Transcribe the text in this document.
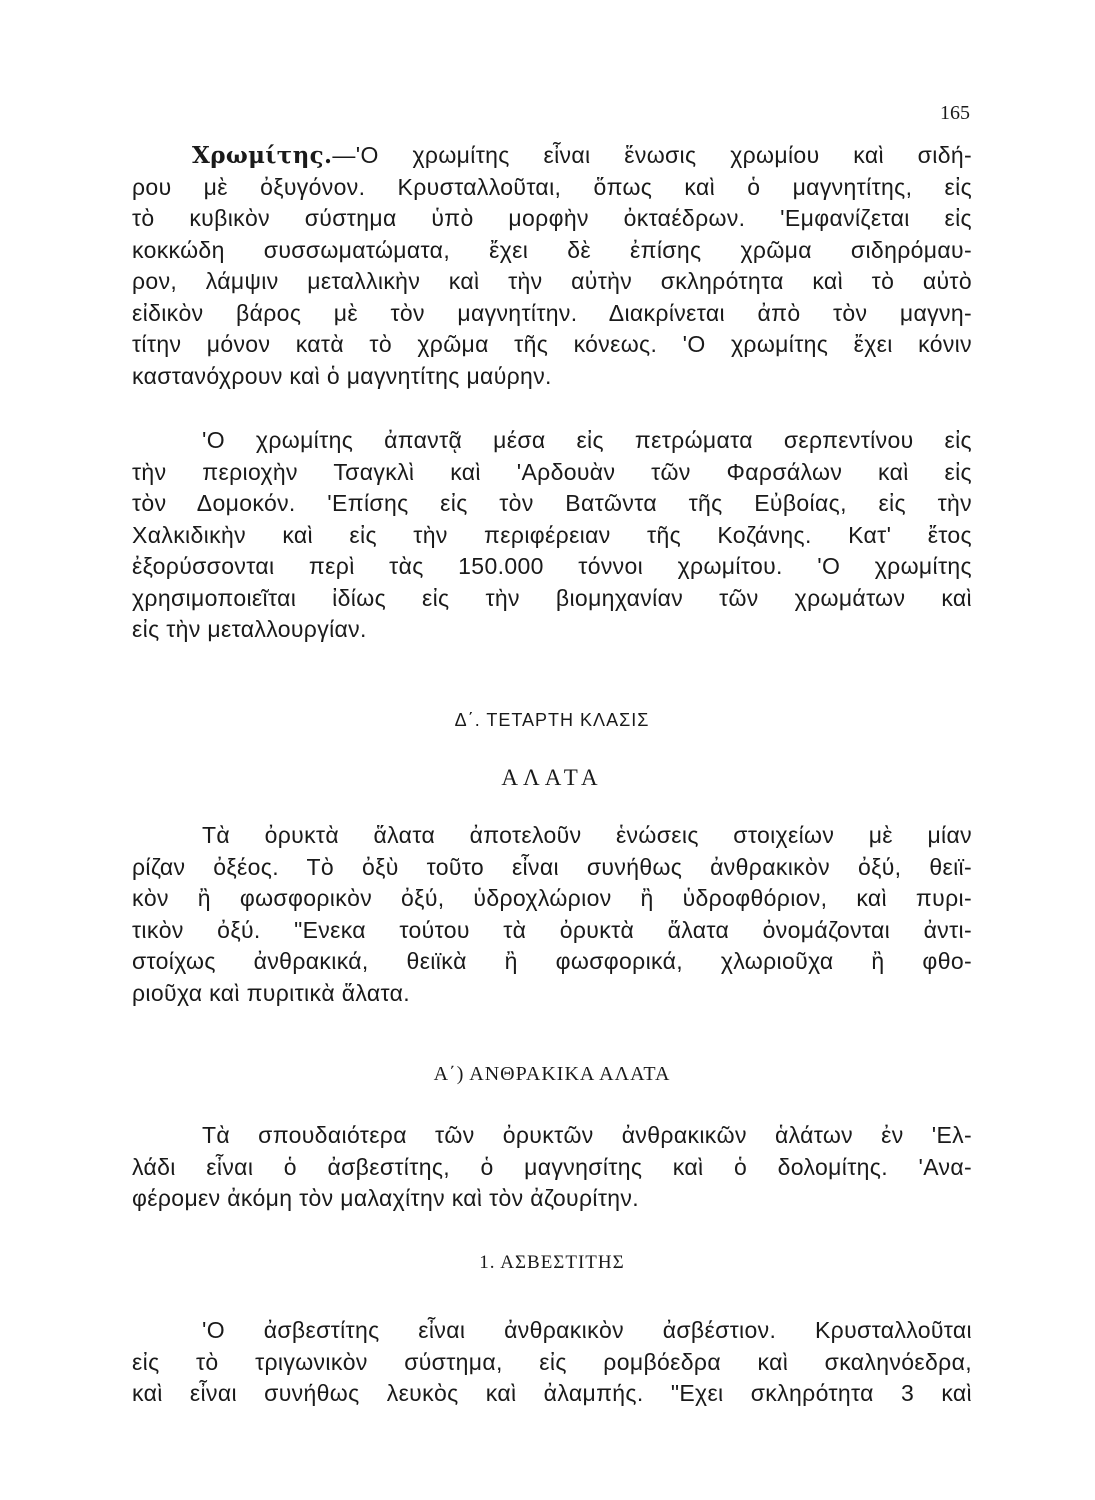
165
Χρωμίτης.—'Ο χρωμίτης εἶναι ἕνωσις χρωμίου καὶ σιδή-
ρου μὲ ὀξυγόνον. Κρυσταλλοῦται, ὅπως καὶ ὁ μαγνητίτης, εἰς
τὸ κυβικὸν σύστημα ὑπὸ μορφὴν ὀκταέδρων. 'Εμφανίζεται εἰς
κοκκώδη συσσωματώματα, ἔχει δὲ ἐπίσης χρῶμα σιδηρόμαυ-
ρον, λάμψιν μεταλλικὴν καὶ τὴν αὐτὴν σκληρότητα καὶ τὸ αὐτὸ
εἰδικὸν βάρος μὲ τὸν μαγνητίτην. Διακρίνεται ἀπὸ τὸν μαγνη-
τίτην μόνον κατὰ τὸ χρῶμα τῆς κόνεως. 'Ο χρωμίτης ἔχει κόνιν
καστανόχρουν καὶ ὁ μαγνητίτης μαύρην.
'Ο χρωμίτης ἀπαντᾷ μέσα εἰς πετρώματα σερπεντίνου εἰς
τὴν περιοχὴν Τσαγκλὶ καὶ 'Αρδουὰν τῶν Φαρσάλων καὶ εἰς
τὸν Δομοκόν. 'Επίσης εἰς τὸν Βατῶντα τῆς Εὐβοίας, εἰς τὴν
Χαλκιδικὴν καὶ εἰς τὴν περιφέρειαν τῆς Κοζάνης. Κατ' ἔτος
ἐξορύσσονται περὶ τὰς 150.000 τόννοι χρωμίτου. 'Ο χρωμίτης
χρησιμοποιεῖται ἰδίως εἰς τὴν βιομηχανίαν τῶν χρωμάτων καὶ
εἰς τὴν μεταλλουργίαν.
Δ΄. ΤΕΤΑΡΤΗ ΚΛΑΣΙΣ
ΑΛΑΤΑ
Τὰ ὀρυκτὰ ἅλατα ἀποτελοῦν ἑνώσεις στοιχείων μὲ μίαν
ρίζαν ὀξέος. Τὸ ὀξὺ τοῦτο εἶναι συνήθως ἀνθρακικὸν ὀξύ, θειϊ-
κὸν ἢ φωσφορικὸν ὀξύ, ὑδροχλώριον ἢ ὑδροφθόριον, καὶ πυρι-
τικὸν ὀξύ. "Ενεκα τούτου τὰ ὀρυκτὰ ἅλατα ὀνομάζονται ἀντι-
στοίχως ἀνθρακικά, θειϊκὰ ἢ φωσφορικά, χλωριοῦχα ἢ φθο-
ριοῦχα καὶ πυριτικὰ ἅλατα.
Α΄) ΑΝΘΡΑΚΙΚΑ ΑΛΑΤΑ
Τὰ σπουδαιότερα τῶν ὀρυκτῶν ἀνθρακικῶν ἁλάτων ἐν 'Ελ-
λάδι εἶναι ὁ ἀσβεστίτης, ὁ μαγνησίτης καὶ ὁ δολομίτης. 'Ανα-
φέρομεν ἀκόμη τὸν μαλαχίτην καὶ τὸν ἀζουρίτην.
1. ΑΣΒΕΣΤΙΤΗΣ
'Ο ἀσβεστίτης εἶναι ἀνθρακικὸν ἀσβέστιον. Κρυσταλλοῦται
εἰς τὸ τριγωνικὸν σύστημα, εἰς ρομβόεδρα καὶ σκαληνόεδρα,
καὶ εἶναι συνήθως λευκὸς καὶ ἀλαμπής. "Εχει σκληρότητα 3 καὶ
